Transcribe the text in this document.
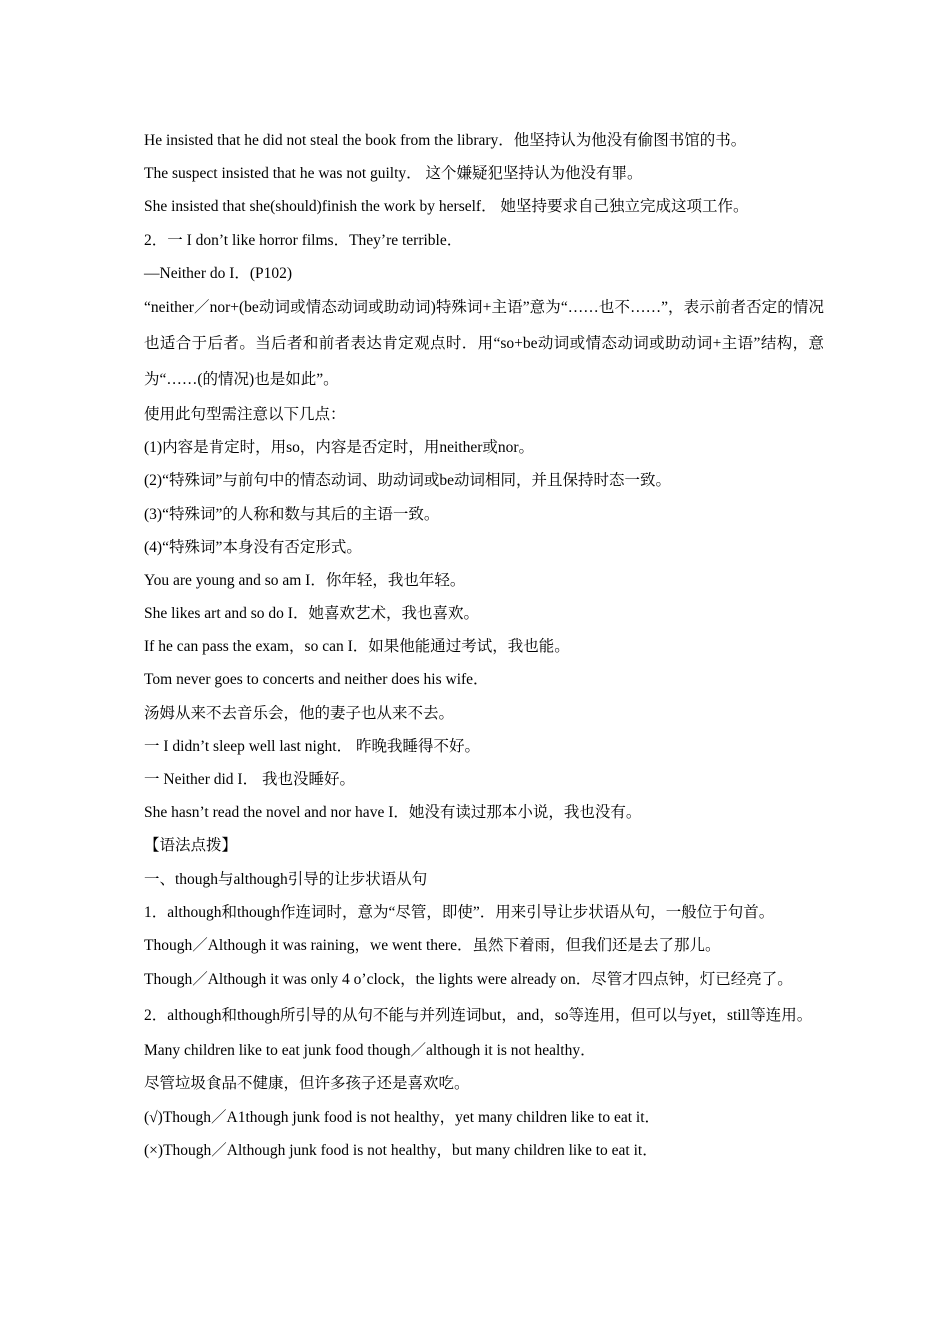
He insisted that he did not steal the book from the library．他坚持认为他没有偷图书馆的书。
The suspect insisted that he was not guilty． 这个嫌疑犯坚持认为他没有罪。
She insisted that she(should)finish the work by herself． 她坚持要求自己独立完成这项工作。
2．一 I don’t like horror films．They’re terrible．
—Neither do I．(P102)
“neither／nor+(be动词或情态动词或助动词)特殊词+主语”意为“……也不……”，表示前者否定的情况也适合于后者。当后者和前者表达肯定观点时．用“so+be动词或情态动词或助动词+主语”结构，意为“……(的情况)也是如此”。
使用此句型需注意以下几点：
(1)内容是肯定时，用so，内容是否定时，用neither或nor。
(2)“特殊词”与前句中的情态动词、助动词或be动词相同，并且保持时态一致。
(3)“特殊词”的人称和数与其后的主语一致。
(4)“特殊词”本身没有否定形式。
You are young and so am I．你年轻，我也年轻。
She likes art and so do I．她喜欢艺术，我也喜欢。
If he can pass the exam，so can I．如果他能通过考试，我也能。
Tom never goes to concerts and neither does his wife．
汤姆从来不去音乐会，他的妻子也从来不去。
一 I didn’t sleep well last night． 昨晚我睡得不好。
一 Neither did I． 我也没睡好。
She hasn’t read the novel and nor have I．她没有读过那本小说，我也没有。
【语法点拨】
一、though与although引导的让步状语从句
1．although和though作连词时，意为“尽管，即使”．用来引导让步状语从句，一般位于句首。
Though／Although it was raining，we went there．虽然下着雨，但我们还是去了那儿。
Though／Although it was only 4 o’clock，the lights were already on．尽管才四点钟，灯已经亮了。
2．although和though所引导的从句不能与并列连词but，and，so等连用，但可以与yet，still等连用。
Many children like to eat junk food though／although it is not healthy．
尽管垃圾食品不健康，但许多孩子还是喜欢吃。
(√)Though／A1though junk food is not healthy，yet many children like to eat it．
(×)Though／Although junk food is not healthy，but many children like to eat it．
